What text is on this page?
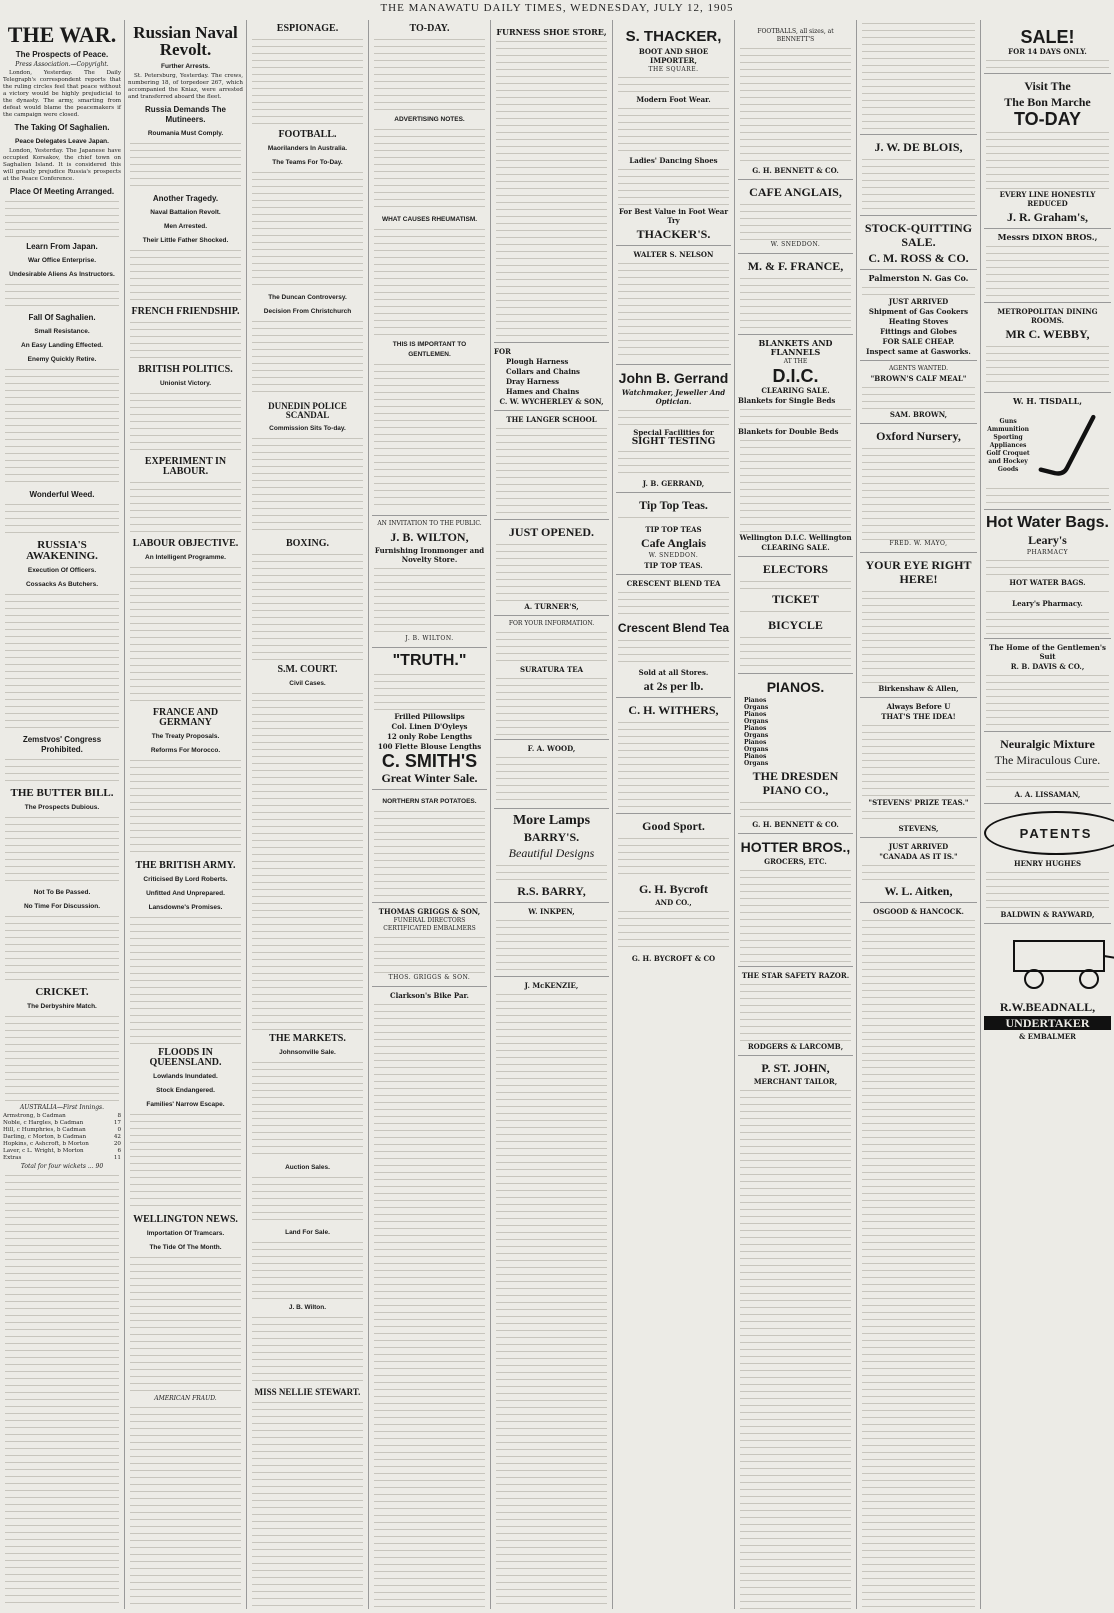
THE MANAWATU DAILY TIMES, WEDNESDAY, JULY 12, 1905
THE WAR.
The Prospects of Peace.
Press Association.—Copyright.
London, Yesterday. The Daily Telegraph's correspondent reports that the ruling circles feel that peace without a victory would be highly prejudicial to the dynasty. The army, smarting from defeat would blame the peacemakers if the campaign were closed.
The Taking Of Saghalien.
Peace Delegates Leave Japan.
London, Yesterday. The Japanese have occupied Korsakov, the chief town on Saghalien Island. It is considered this will greatly prejudice Russia's prospects at the Peace Conference.
Place Of Meeting Arranged.
Learn From Japan.
War Office Enterprise.
Undesirable Aliens As Instructors.
Fall Of Saghalien.
Small Resistance.
An Easy Landing Effected.
Enemy Quickly Retire.
Wonderful Weed.
RUSSIA'S AWAKENING.
Execution Of Officers.
Cossacks As Butchers.
Zemstvos' Congress Prohibited.
THE BUTTER BILL.
The Prospects Dubious.
Not To Be Passed.
No Time For Discussion.
CRICKET.
The Derbyshire Match.
AUSTRALIA—First Innings.
Armstrong, b Cadman	8
Noble, c Hargles, b Cadman	17
Hill, c Humphries, b Cadman	0
Darling, c Morton, b Cadman	42
Hopkins, c Ashcroft, b Morton	20
Laver, c L. Wright, b Morton	6
Extras	11
Total for four wickets ... 90
Russian Naval Revolt.
Further Arrests.
St. Petersburg, Yesterday. The crews, numbering 18, of torpedoer 267, which accompanied the Kniaz, were arrested and transferred aboard the fleet.
Russia Demands The Mutineers.
Roumania Must Comply.
Another Tragedy.
Naval Battalion Revolt.
Men Arrested.
Their Little Father Shocked.
FRENCH FRIENDSHIP.
BRITISH POLITICS.
Unionist Victory.
EXPERIMENT IN LABOUR.
LABOUR OBJECTIVE.
An Intelligent Programme.
FRANCE AND GERMANY
The Treaty Proposals.
Reforms For Morocco.
THE BRITISH ARMY.
Criticised By Lord Roberts.
Unfitted And Unprepared.
Lansdowne's Promises.
FLOODS IN QUEENSLAND.
Lowlands Inundated.
Stock Endangered.
Families' Narrow Escape.
WELLINGTON NEWS.
Importation Of Tramcars.
The Tide Of The Month.
AMERICAN FRAUD.
ESPIONAGE.
FOOTBALL.
Maorilanders In Australia.
The Teams For To-Day.
The Duncan Controversy.
Decision From Christchurch
DUNEDIN POLICE SCANDAL
Commission Sits To-day.
BOXING.
S.M. COURT.
Civil Cases.
THE MARKETS.
Johnsonville Sale.
Auction Sales.
Land For Sale.
J. B. Wilton.
MISS NELLIE STEWART.
TO-DAY.
ADVERTISING NOTES.
WHAT CAUSES RHEUMATISM.
THIS IS IMPORTANT TO GENTLEMEN.
AN INVITATION TO THE PUBLIC.
J. B. WILTON,
Furnishing Ironmonger and Novelty Store.
J. B. WILTON.
"TRUTH."
Frilled Pillowslips
Col. Linen D'Oyleys
12 only Robe Lengths
100 Flette Blouse Lengths
C. SMITH'S
Great Winter Sale.
NORTHERN STAR POTATOES.
THOMAS GRIGGS & SON,
FUNERAL DIRECTORS CERTIFICATED EMBALMERS
THOS. GRIGGS & SON.
Clarkson's Bike Par.
FURNESS SHOE STORE,
FOR
Plough Harness
Collars and Chains
Dray Harness
Hames and Chains
C. W. WYCHERLEY & SON,
THE LANGER SCHOOL
JUST OPENED.
A. TURNER'S,
FOR YOUR INFORMATION.
SURATURA TEA
F. A. WOOD,
More Lamps
BARRY'S.
Beautiful Designs
R.S. BARRY,
W. INKPEN,
J. McKENZIE,
S. THACKER,
BOOT AND SHOE IMPORTER,
THE SQUARE.
Modern Foot Wear.
Ladies' Dancing Shoes
For Best Value in Foot Wear Try
THACKER'S.
WALTER S. NELSON
John B. Gerrand
Watchmaker, Jeweller And Optician.
Special Facilities for
SIGHT TESTING
J. B. GERRAND,
Tip Top Teas.
TIP TOP TEAS
Cafe Anglais
W. SNEDDON.
TIP TOP TEAS.
CRESCENT BLEND TEA
Crescent Blend Tea
Sold at all Stores.
at 2s per lb.
C. H. WITHERS,
Good Sport.
G. H. Bycroft
AND CO.,
G. H. BYCROFT & CO
FOOTBALLS, all sizes, at BENNETT'S
G. H. BENNETT & CO.
CAFE ANGLAIS,
W. SNEDDON.
M. & F. FRANCE,
BLANKETS AND FLANNELS
AT THE
D.I.C.
CLEARING SALE.
Blankets for Single Beds
Blankets for Double Beds
Wellington D.I.C. Wellington
CLEARING SALE.
ELECTORS
TICKET
BICYCLE
PIANOS.
Pianos
Organs
Pianos
Organs
Pianos
Organs
Pianos
Organs
Pianos
Organs
THE DRESDEN PIANO CO.,
G. H. BENNETT & CO.
HOTTER BROS.,
GROCERS, ETC.
THE STAR SAFETY RAZOR.
RODGERS & LARCOMB,
P. ST. JOHN,
MERCHANT TAILOR,
J. W. DE BLOIS,
STOCK-QUITTING SALE.
C. M. ROSS & CO.
Palmerston N. Gas Co.
JUST ARRIVED
Shipment of Gas Cookers
Heating Stoves
Fittings and Globes
FOR SALE CHEAP.
Inspect same at Gasworks.
AGENTS WANTED.
"BROWN'S CALF MEAL"
SAM. BROWN,
Oxford Nursery,
FRED. W. MAYO,
YOUR EYE RIGHT HERE!
Birkenshaw & Allen,
Always Before U
THAT'S THE IDEA!
"STEVENS' PRIZE TEAS."
STEVENS,
JUST ARRIVED
"CANADA AS IT IS."
W. L. Aitken,
OSGOOD & HANCOCK.
SALE!
FOR 14 DAYS ONLY.
Visit The
The Bon Marche
TO-DAY
EVERY LINE HONESTLY REDUCED
J. R. Graham's,
Messrs DIXON BROS.,
METROPOLITAN DINING ROOMS.
MR C. WEBBY,
W. H. TISDALL,
Guns Ammunition Sporting Appliances Golf Croquet and Hockey Goods
Hot Water Bags.
Leary's
PHARMACY
HOT WATER BAGS.
Leary's Pharmacy.
The Home of the Gentlemen's Suit
R. B. DAVIS & CO.,
Neuralgic Mixture
The Miraculous Cure.
A. A. LISSAMAN,
PATENTS
HENRY HUGHES
BALDWIN & RAYWARD,
R.W.BEADNALL,
UNDERTAKER
& EMBALMER
